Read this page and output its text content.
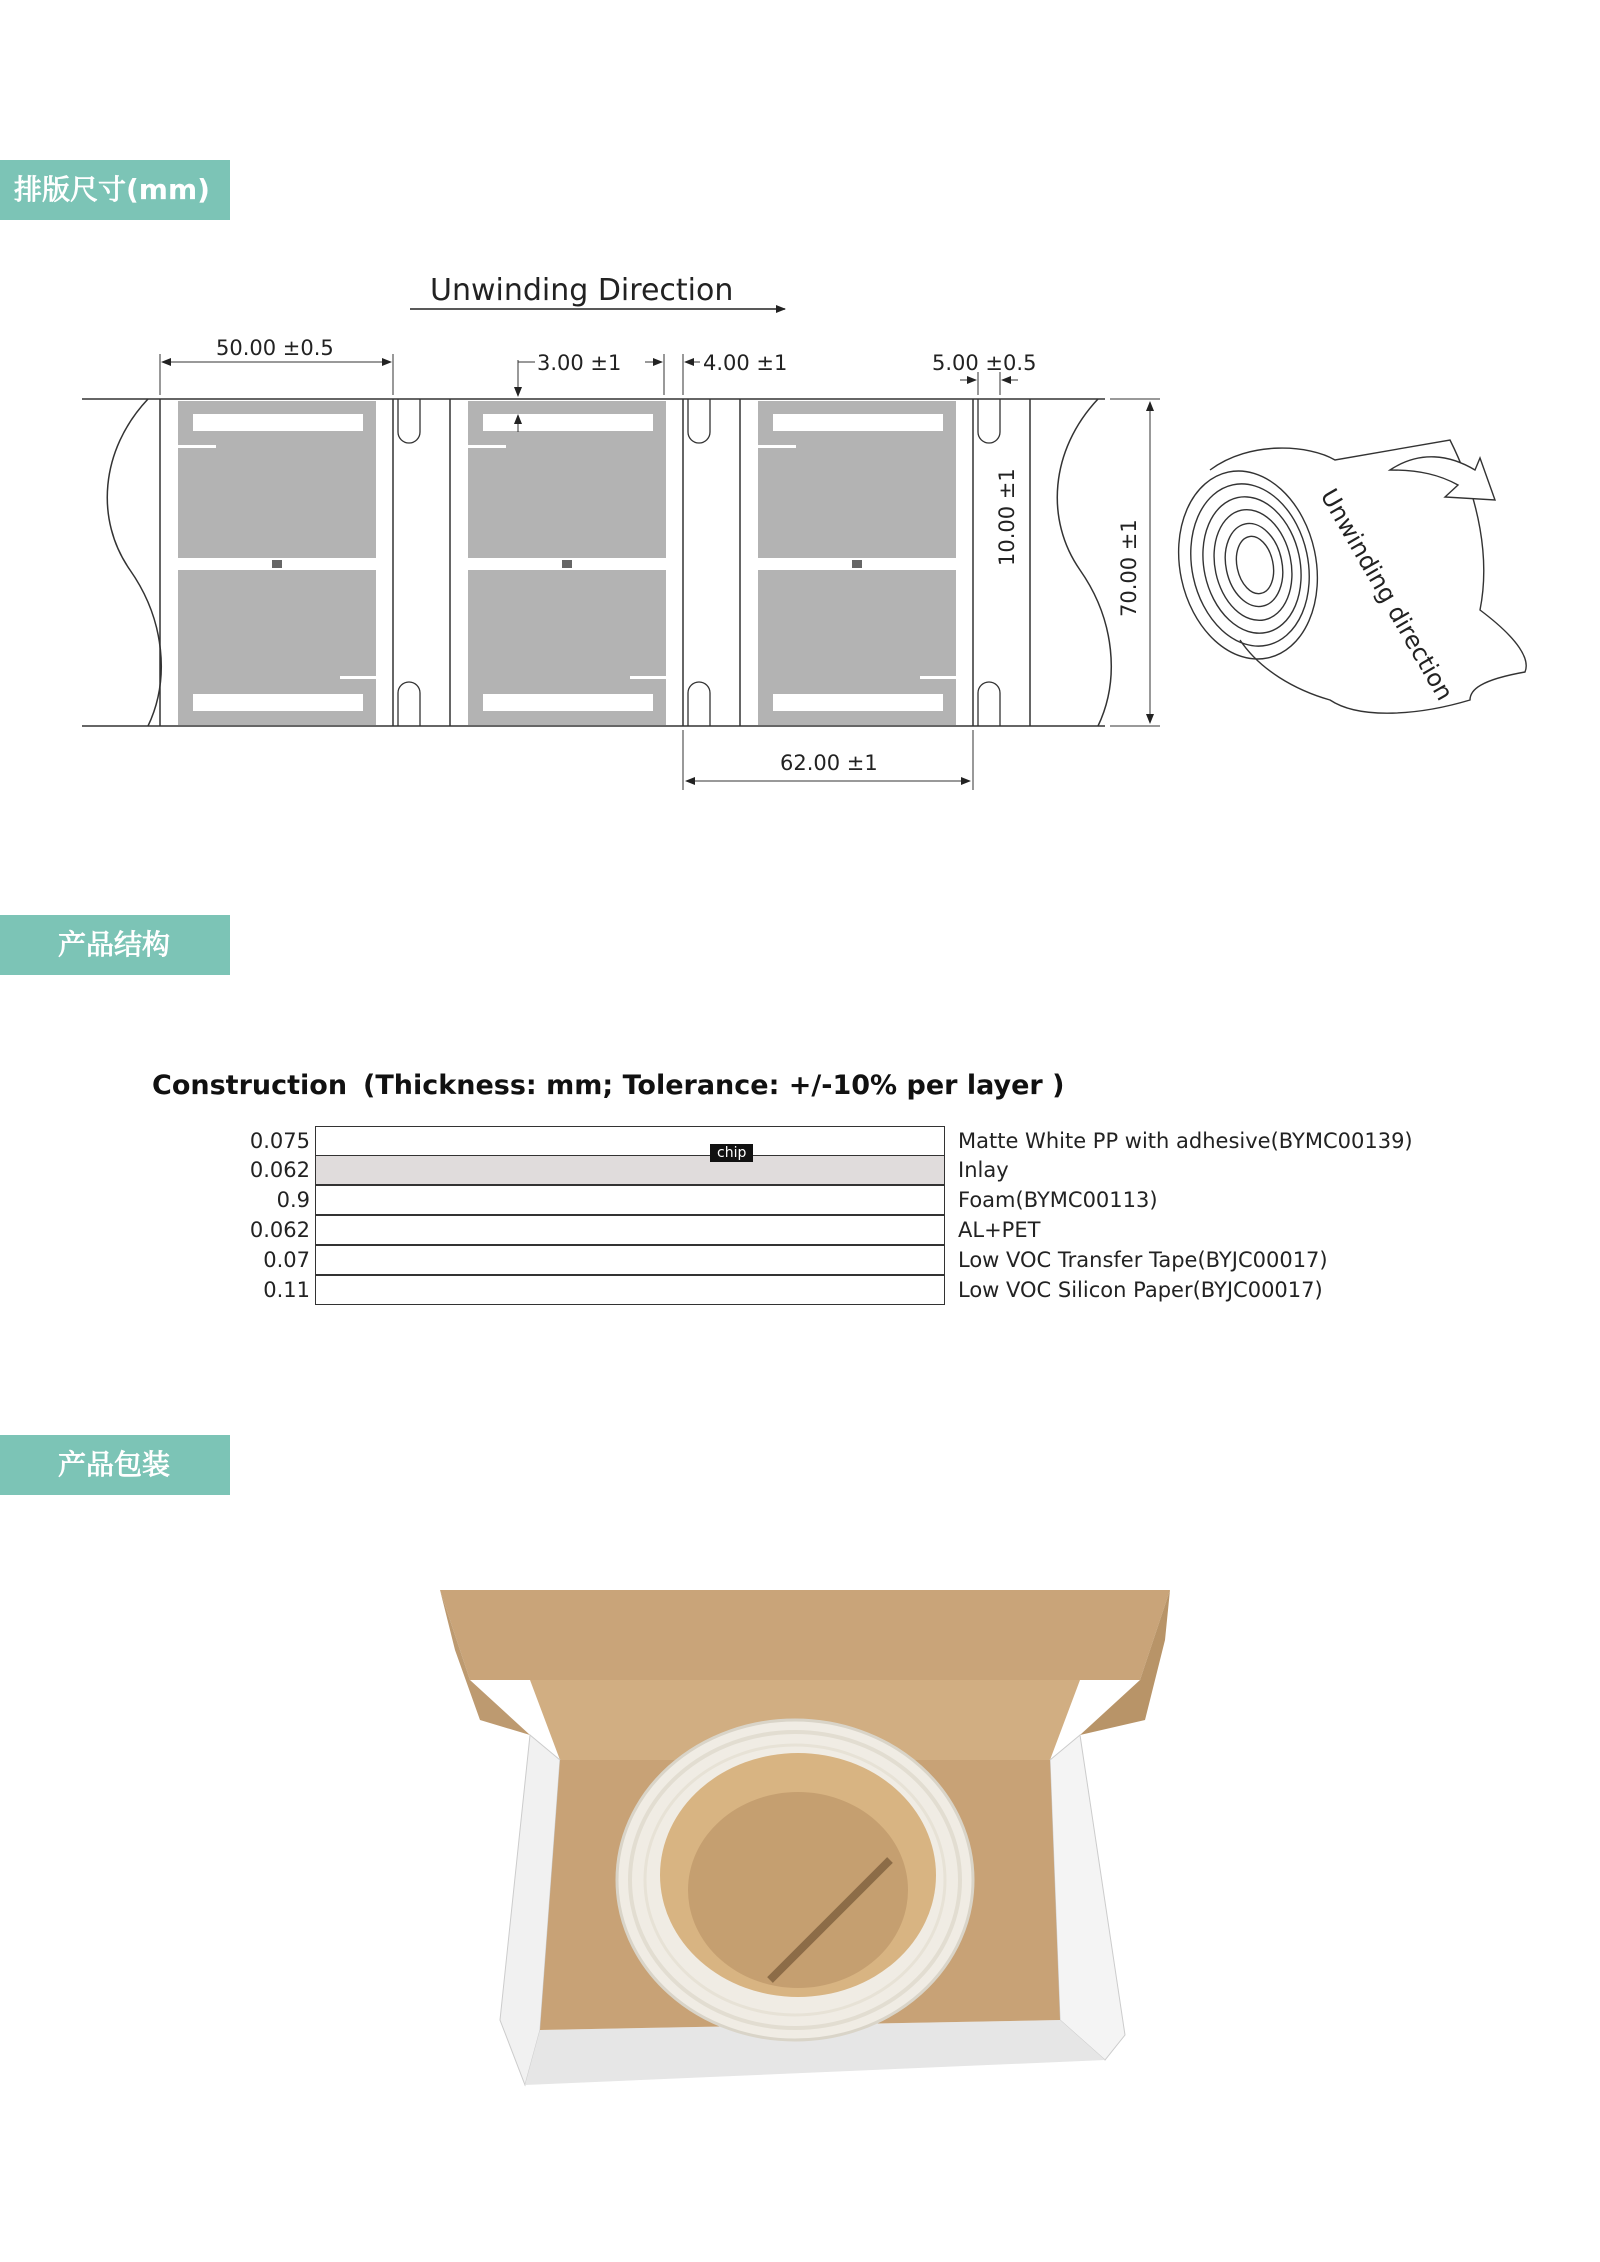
排版尺寸(mm)
Unwinding Direction
50.00 ±0.5
3.00 ±1	4.00 ±1	5.00 ±0.5
10.00 ±1
70.00 ±1
62.00 ±1
Unwinding direction
产品结构
Construction (Thickness: mm; Tolerance: +/-10% per layer )
0.075	Matte White PP with adhesive(BYMC00139)
0.062	Inlay
0.9	Foam(BYMC00113)
0.062	AL+PET
0.07	Low VOC Transfer Tape(BYJC00017)
0.11	Low VOC Silicon Paper(BYJC00017)
chip
产品包装
